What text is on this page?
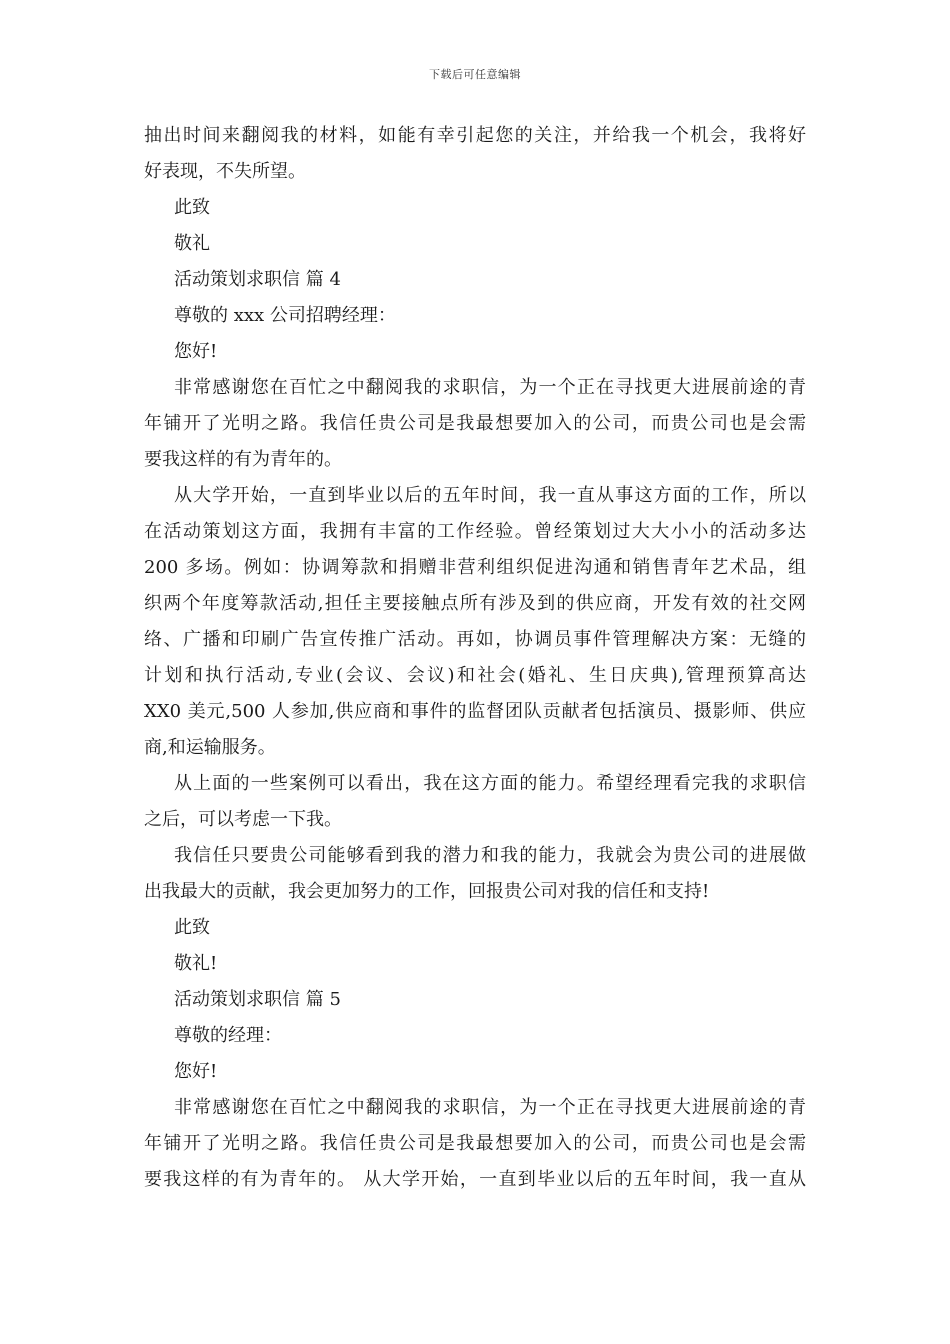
下载后可任意编辑
抽出时间来翻阅我的材料，如能有幸引起您的关注，并给我一个机会，我将好
好表现，不失所望。
此致
敬礼
活动策划求职信 篇 4
尊敬的 xxx 公司招聘经理：
您好!
非常感谢您在百忙之中翻阅我的求职信，为一个正在寻找更大进展前途的青
年铺开了光明之路。我信任贵公司是我最想要加入的公司，而贵公司也是会需
要我这样的有为青年的。
从大学开始，一直到毕业以后的五年时间，我一直从事这方面的工作，所以
在活动策划这方面，我拥有丰富的工作经验。曾经策划过大大小小的活动多达
200 多场。例如：协调筹款和捐赠非营利组织促进沟通和销售青年艺术品，组
织两个年度筹款活动,担任主要接触点所有涉及到的供应商，开发有效的社交网
络、广播和印刷广告宣传推广活动。再如，协调员事件管理解决方案：无缝的
计划和执行活动,专业(会议、会议)和社会(婚礼、生日庆典),管理预算高达
XX0 美元,500 人参加,供应商和事件的监督团队贡献者包括演员、摄影师、供应
商,和运输服务。
从上面的一些案例可以看出，我在这方面的能力。希望经理看完我的求职信
之后，可以考虑一下我。
我信任只要贵公司能够看到我的潜力和我的能力，我就会为贵公司的进展做
出我最大的贡献，我会更加努力的工作，回报贵公司对我的信任和支持!
此致
敬礼!
活动策划求职信 篇 5
尊敬的经理：
您好!
非常感谢您在百忙之中翻阅我的求职信，为一个正在寻找更大进展前途的青
年铺开了光明之路。我信任贵公司是我最想要加入的公司，而贵公司也是会需
要我这样的有为青年的。 从大学开始，一直到毕业以后的五年时间，我一直从
